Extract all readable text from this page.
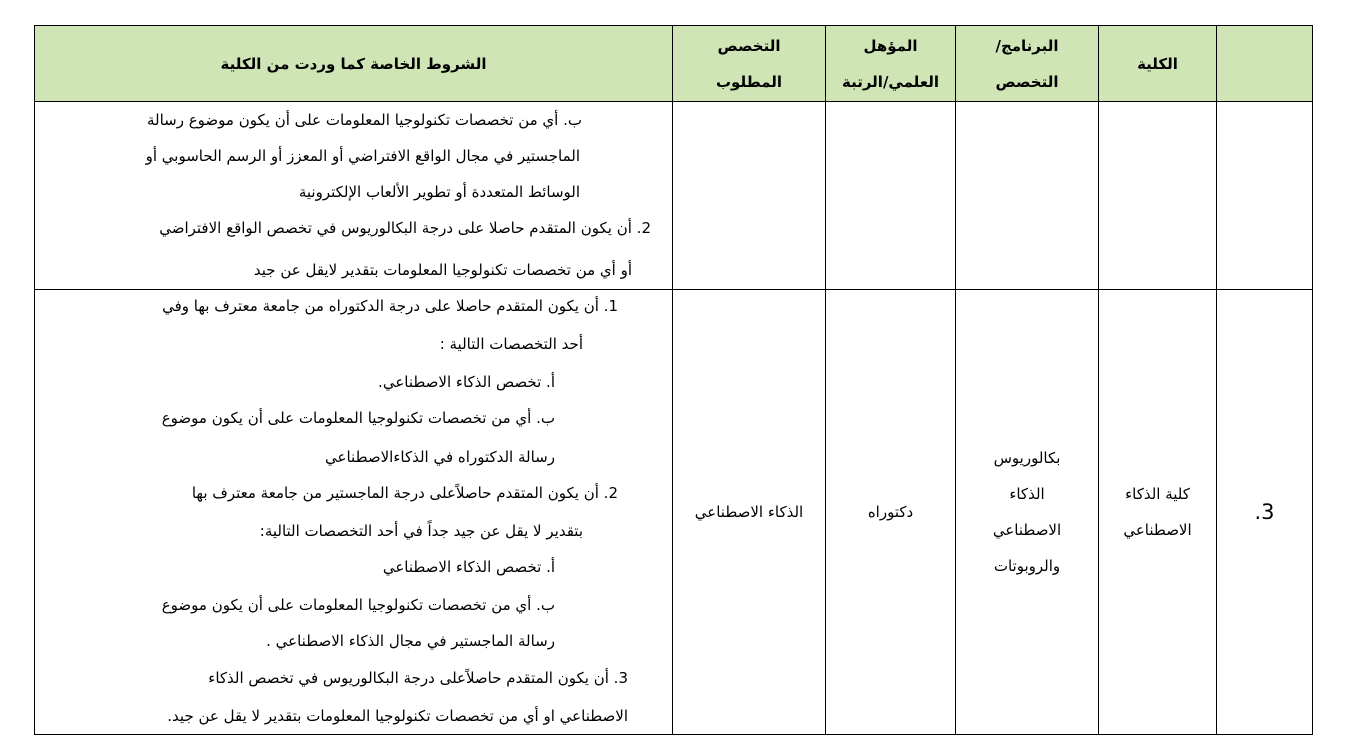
الشروط الخاصة كما وردت من الكلية
التخصص
المطلوب
المؤهل
العلمي/الرتبة
البرنامج/
التخصص
الكلية
ب. أي من تخصصات تكنولوجيا المعلومات على أن يكون موضوع رسالة
الماجستير في مجال الواقع الافتراضي أو المعزز أو الرسم الحاسوبي أو
الوسائط المتعددة أو تطوير الألعاب الإلكترونية
2. أن يكون المتقدم حاصلا على درجة البكالوريوس في تخصص الواقع الافتراضي
أو أي من تخصصات تكنولوجيا المعلومات بتقدير لايقل عن جيد
3.
كلية الذكاء
الاصطناعي
بكالوريوس
الذكاء
الاصطناعي
والروبوتات
دكتوراه
الذكاء الاصطناعي
1. أن يكون المتقدم حاصلا على درجة الدكتوراه من جامعة معترف بها وفي
أحد التخصصات التالية :
أ. تخصص الذكاء الاصطناعي.
ب. أي من تخصصات تكنولوجيا المعلومات على أن يكون موضوع
رسالة الدكتوراه في الذكاءالاصطناعي
2. أن يكون المتقدم حاصلاًعلى درجة الماجستير من جامعة معترف بها
بتقدير لا يقل عن جيد جداً في أحد التخصصات التالية:
أ. تخصص الذكاء الاصطناعي
ب. أي من تخصصات تكنولوجيا المعلومات على أن يكون موضوع
رسالة الماجستير في مجال الذكاء الاصطناعي .
3. أن يكون المتقدم حاصلاًعلى درجة البكالوريوس في تخصص الذكاء
الاصطناعي او أي من تخصصات تكنولوجيا المعلومات بتقدير لا يقل عن جيد.
